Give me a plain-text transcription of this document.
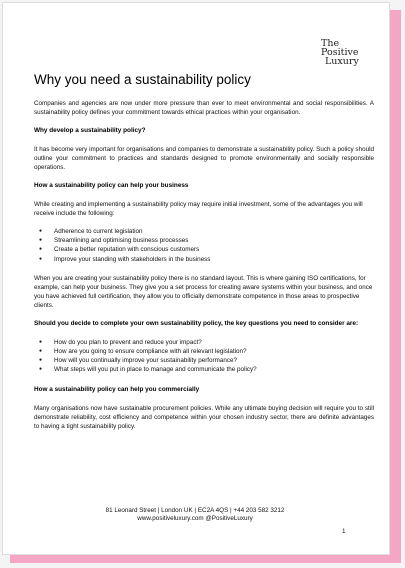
The Positive
Luxury
Why you need a sustainability policy

Companies and agencies are now under more pressure than ever to meet environmental and social responsibilities. A sustainability policy defines your commitment towards ethical practices within your organisation.

Why develop a sustainability policy?

It has become very important for organisations and companies to demonstrate a sustainability policy. Such a policy should outline your commitment to practices and standards designed to promote environmentally and socially responsible operations.

How a sustainability policy can help your business

While creating and implementing a sustainability policy may require initial investment, some of the advantages you will receive include the following:

● Adherence to current legislation
● Streamlining and optimising business processes
● Create a better reputation with conscious customers
● Improve your standing with stakeholders in the business

When you are creating your sustainability policy there is no standard layout. This is where gaining ISO certifications, for example, can help your business. They give you a set process for creating aware systems within your business, and once you have achieved full certification, they allow you to officially demonstrate competence in those areas to prospective clients.

Should you decide to complete your own sustainability policy, the key questions you need to consider are:
● How do you plan to prevent and reduce your impact?
● How are you going to ensure compliance with all relevant legislation?
● How will you continually improve your sustainability performance?
● What steps will you put in place to manage and communicate the policy?
How a sustainability policy can help you commercially

Many organisations now have sustainable procurement policies. While any ultimate buying decision will require you to still demonstrate reliability, cost efficiency and competence within your chosen industry sector, there are definite advantages to having a tight sustainability policy.

81 Leonard Street | London UK | EC2A 4QS | +44 203 582 3212
www.positiveluxury.com @PositiveLuxury
1
